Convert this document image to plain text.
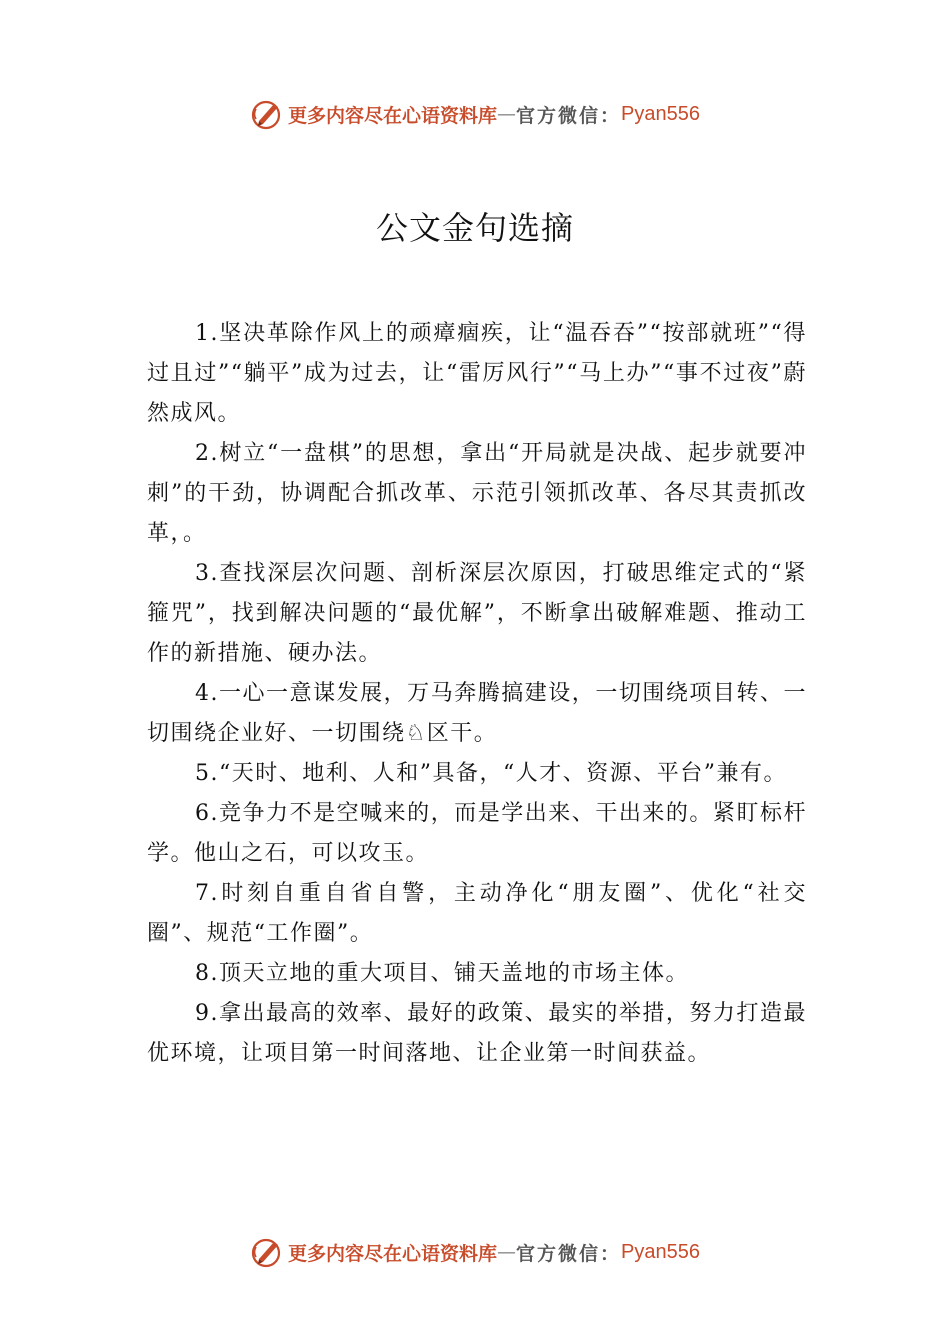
更多内容尽在心语资料库 — 官方微信： Pyan556
公文金句选摘

1.坚决革除作风上的顽瘴痼疾，让“温吞吞”“按部就班”“得过且过”“躺平”成为过去，让“雷厉风行”“马上办”“事不过夜”蔚然成风。

2.树立“一盘棋”的思想，拿出“开局就是决战、起步就要冲刺”的干劲，协调配合抓改革、示范引领抓改革、各尽其责抓改革，。

3.查找深层次问题、剖析深层次原因，打破思维定式的“紧箍咒”，找到解决问题的“最优解”，不断拿出破解难题、推动工作的新措施、硬办法。

4.一心一意谋发展，万马奔腾搞建设，一切围绕项目转、一切围绕企业好、一切围绕♘区干。

5.“天时、地利、人和”具备，“人才、资源、平台”兼有。

6.竞争力不是空喊来的，而是学出来、干出来的。紧盯标杆学。他山之石，可以攻玉。

7.时刻自重自省自警，主动净化“朋友圈”、优化“社交圈”、规范“工作圈”。

8.顶天立地的重大项目、铺天盖地的市场主体。

9.拿出最高的效率、最好的政策、最实的举措，努力打造最优环境，让项目第一时间落地、让企业第一时间获益。

更多内容尽在心语资料库 — 官方微信： Pyan556
